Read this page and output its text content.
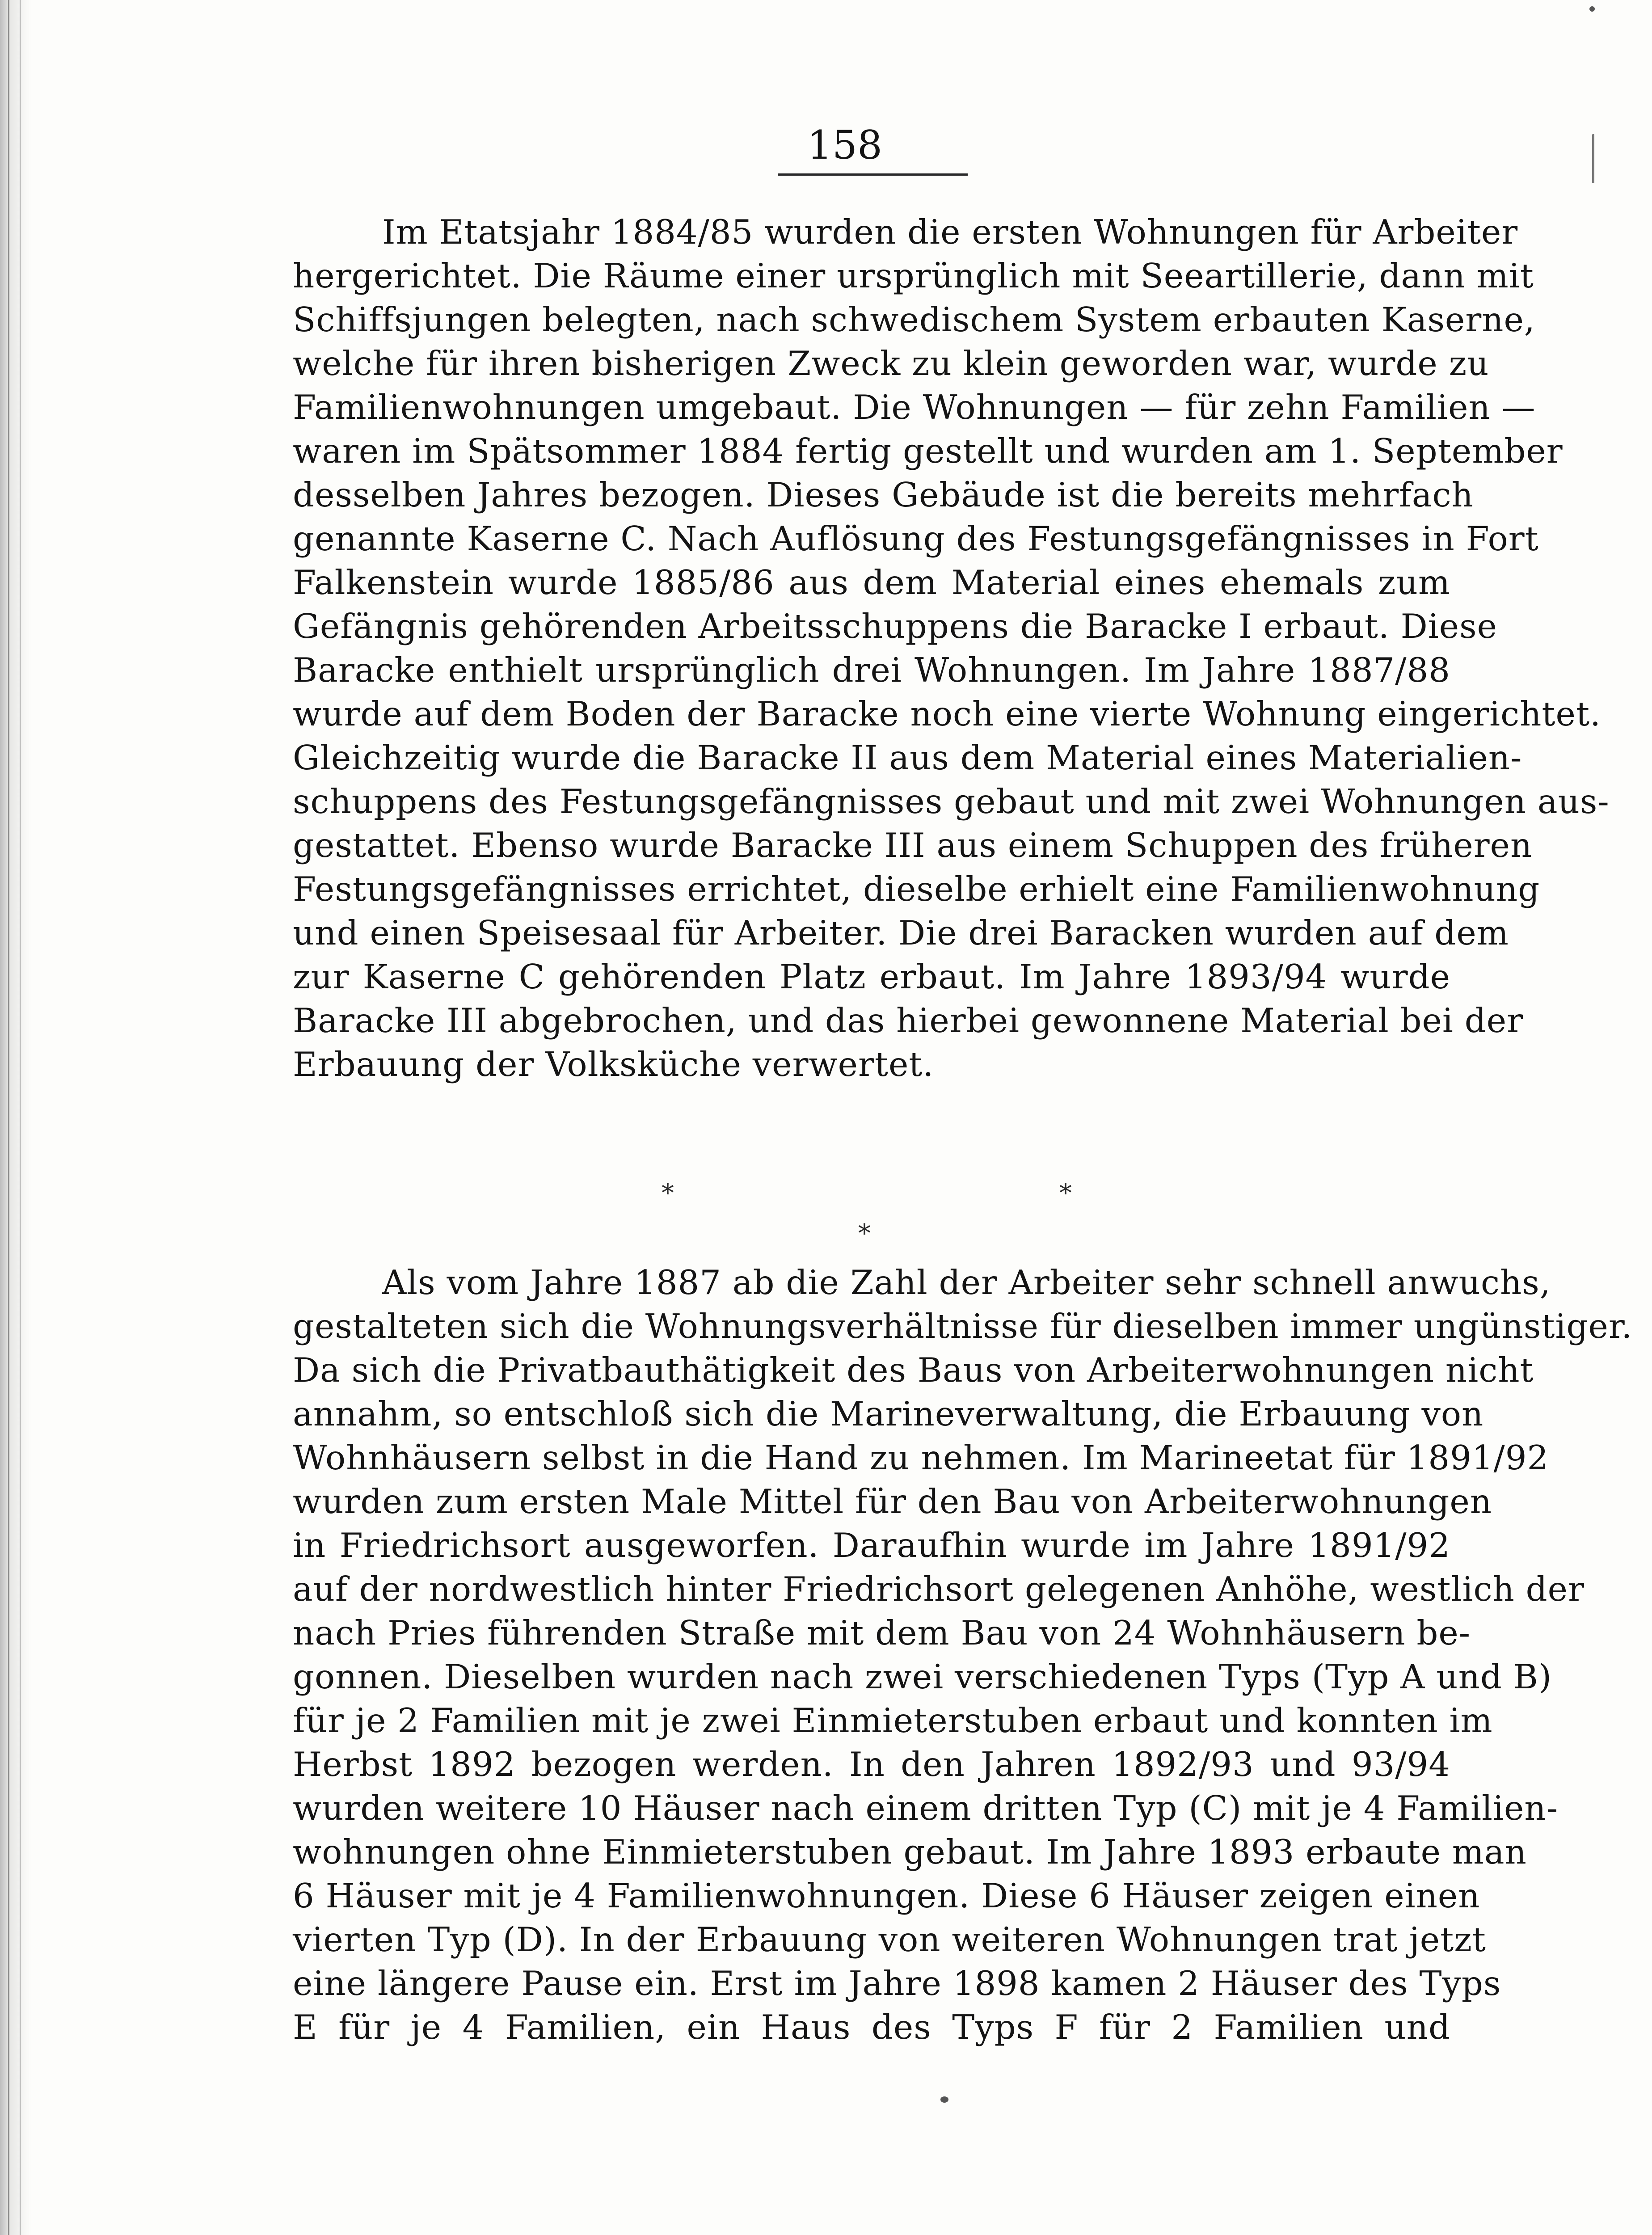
158
Im Etatsjahr 1884/85 wurden die ersten Wohnungen für Arbeiter
hergerichtet. Die Räume einer ursprünglich mit Seeartillerie, dann mit
Schiffsjungen belegten, nach schwedischem System erbauten Kaserne,
welche für ihren bisherigen Zweck zu klein geworden war, wurde zu
Familienwohnungen umgebaut. Die Wohnungen — für zehn Familien —
waren im Spätsommer 1884 fertig gestellt und wurden am 1. September
desselben Jahres bezogen. Dieses Gebäude ist die bereits mehrfach
genannte Kaserne C. Nach Auflösung des Festungsgefängnisses in Fort
Falkenstein wurde 1885/86 aus dem Material eines ehemals zum
Gefängnis gehörenden Arbeitsschuppens die Baracke I erbaut. Diese
Baracke enthielt ursprünglich drei Wohnungen. Im Jahre 1887/88
wurde auf dem Boden der Baracke noch eine vierte Wohnung eingerichtet.
Gleichzeitig wurde die Baracke II aus dem Material eines Materialien-
schuppens des Festungsgefängnisses gebaut und mit zwei Wohnungen aus-
gestattet. Ebenso wurde Baracke III aus einem Schuppen des früheren
Festungsgefängnisses errichtet, dieselbe erhielt eine Familienwohnung
und einen Speisesaal für Arbeiter. Die drei Baracken wurden auf dem
zur Kaserne C gehörenden Platz erbaut. Im Jahre 1893/94 wurde
Baracke III abgebrochen, und das hierbei gewonnene Material bei der
Erbauung der Volksküche verwertet.
*	*
*
Als vom Jahre 1887 ab die Zahl der Arbeiter sehr schnell anwuchs,
gestalteten sich die Wohnungsverhältnisse für dieselben immer ungünstiger.
Da sich die Privatbauthätigkeit des Baus von Arbeiterwohnungen nicht
annahm, so entschloß sich die Marineverwaltung, die Erbauung von
Wohnhäusern selbst in die Hand zu nehmen. Im Marineetat für 1891/92
wurden zum ersten Male Mittel für den Bau von Arbeiterwohnungen
in Friedrichsort ausgeworfen. Daraufhin wurde im Jahre 1891/92
auf der nordwestlich hinter Friedrichsort gelegenen Anhöhe, westlich der
nach Pries führenden Straße mit dem Bau von 24 Wohnhäusern be-
gonnen. Dieselben wurden nach zwei verschiedenen Typs (Typ A und B)
für je 2 Familien mit je zwei Einmieterstuben erbaut und konnten im
Herbst 1892 bezogen werden. In den Jahren 1892/93 und 93/94
wurden weitere 10 Häuser nach einem dritten Typ (C) mit je 4 Familien-
wohnungen ohne Einmieterstuben gebaut. Im Jahre 1893 erbaute man
6 Häuser mit je 4 Familienwohnungen. Diese 6 Häuser zeigen einen
vierten Typ (D). In der Erbauung von weiteren Wohnungen trat jetzt
eine längere Pause ein. Erst im Jahre 1898 kamen 2 Häuser des Typs
E für je 4 Familien, ein Haus des Typs F für 2 Familien und
